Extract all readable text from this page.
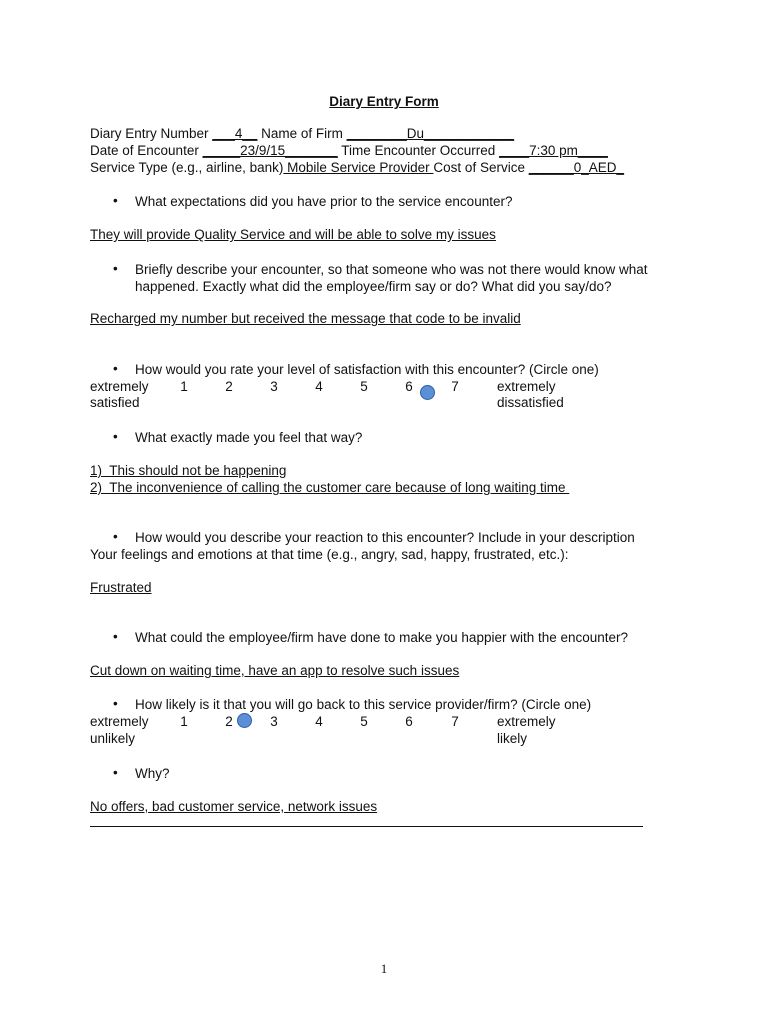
Diary Entry Form
Diary Entry Number ___4__ Name of Firm ________Du____________
Date of Encounter _____23/9/15_______ Time Encounter Occurred ____7:30 pm____
Service Type (e.g., airline, bank) Mobile Service Provider Cost of Service ______0_AED_
• What expectations did you have prior to the service encounter?
They will provide Quality Service and will be able to solve my issues
• Briefly describe your encounter, so that someone who was not there would know what happened. Exactly what did the employee/firm say or do? What did you say/do?
Recharged my number but received the message that code to be invalid
• How would you rate your level of satisfaction with this encounter? (Circle one)
extremely
satisfied
extremely
dissatisfied
1	2	3	4	5	6	7
• What exactly made you feel that way?
1)  This should not be happening
2)  The inconvenience of calling the customer care because of long waiting time
• How would you describe your reaction to this encounter? Include in your description
Your feelings and emotions at that time (e.g., angry, sad, happy, frustrated, etc.):
Frustrated
• What could the employee/firm have done to make you happier with the encounter?
Cut down on waiting time, have an app to resolve such issues
• How likely is it that you will go back to this service provider/firm? (Circle one)
extremely
unlikely
extremely
likely
1	2	3	4	5	6	7
• Why?
No offers, bad customer service, network issues
1
